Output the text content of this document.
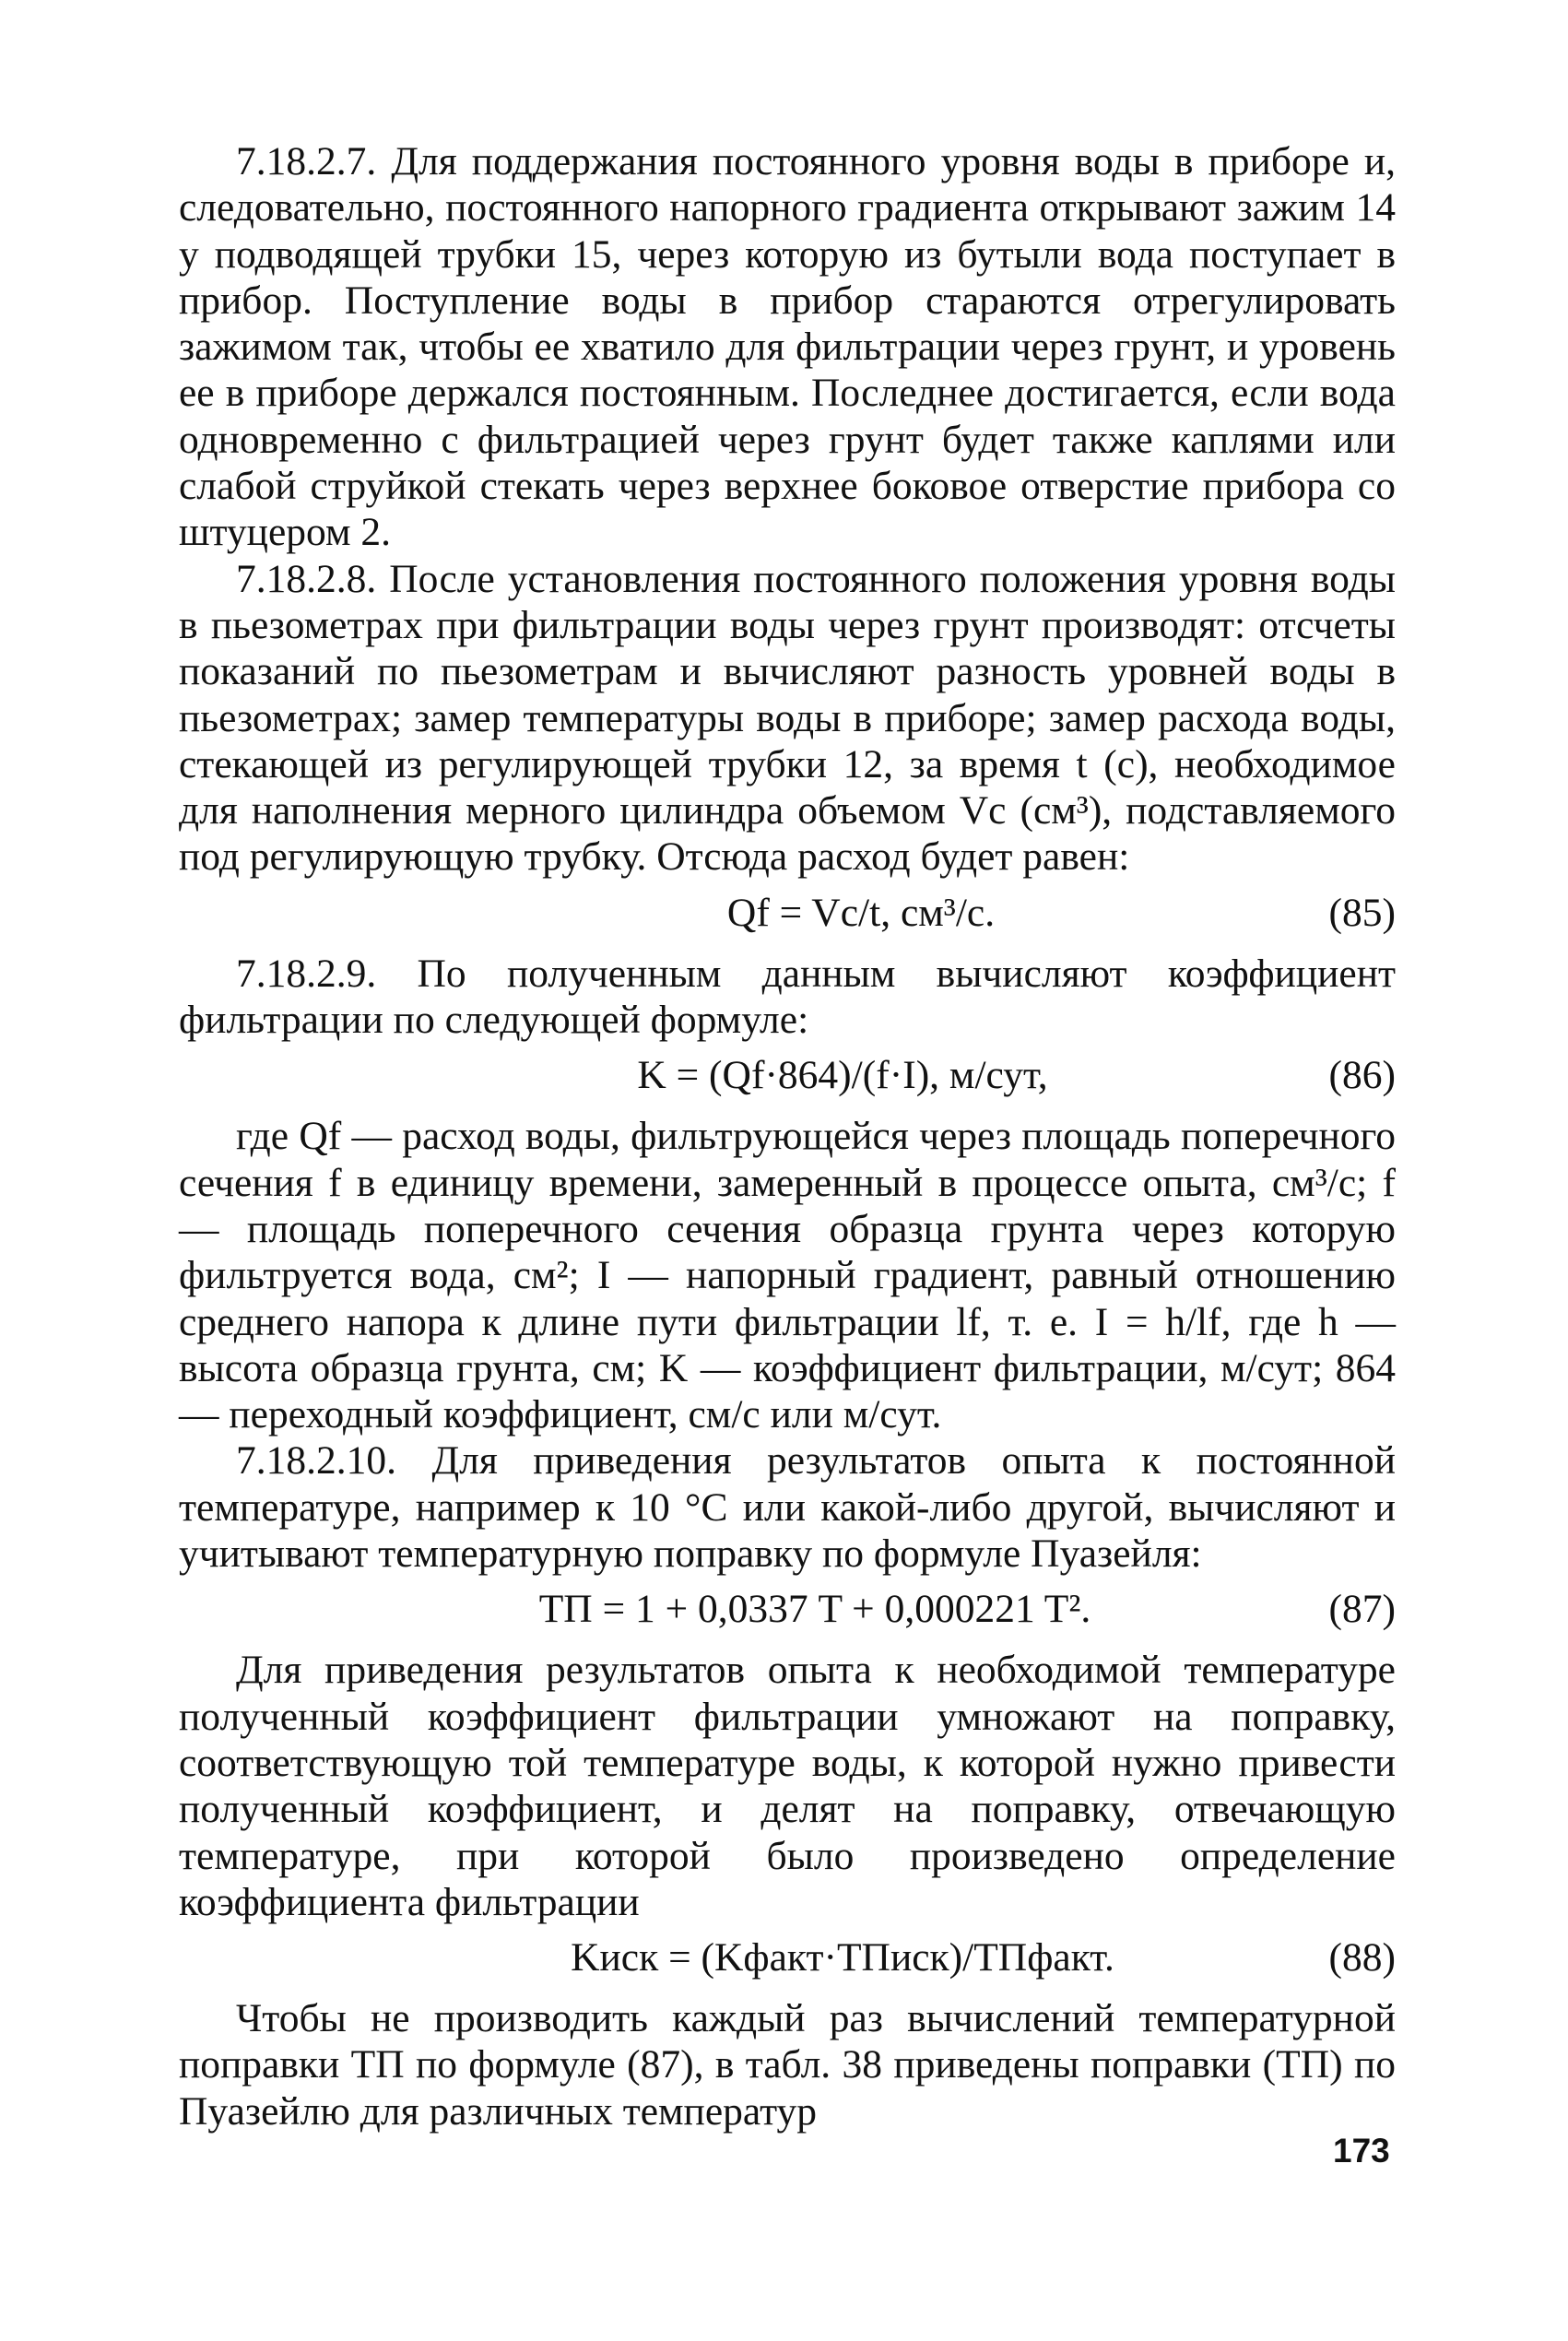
7.18.2.7. Для поддержания постоянного уровня воды в приборе и, следовательно, постоянного напорного градиента открывают зажим 14 у подводящей трубки 15, через которую из бутыли вода поступает в прибор. Поступление воды в прибор стараются отрегулировать зажимом так, чтобы ее хватило для фильтрации через грунт, и уровень ее в приборе держался постоянным. Последнее достигается, если вода одновременно с фильтрацией через грунт будет также каплями или слабой струйкой стекать через верхнее боковое отверстие прибора со штуцером 2.

7.18.2.8. После установления постоянного положения уровня воды в пьезометрах при фильтрации воды через грунт производят: отсчеты показаний по пьезометрам и вычисляют разность уровней воды в пьезометрах; замер температуры воды в приборе; замер расхода воды, стекающей из регулирующей трубки 12, за время t (с), необходимое для наполнения мерного цилиндра объемом Vc (см³), подставляемого под регулирующую трубку. Отсюда расход будет равен:

Qf = Vc/t, см³/с.	(85)

7.18.2.9. По полученным данным вычисляют коэффициент фильтрации по следующей формуле:

K = (Qf·864)/(f·I), м/сут,	(86)

где Qf — расход воды, фильтрующейся через площадь поперечного сечения f в единицу времени, замеренный в процессе опыта, см³/с; f — площадь поперечного сечения образца грунта через которую фильтруется вода, см²; I — напорный градиент, равный отношению среднего напора к длине пути фильтрации lf, т. е. I = h/lf, где h — высота образца грунта, см; K — коэффициент фильтрации, м/сут; 864 — переходный коэффициент, см/с или м/сут.

7.18.2.10. Для приведения результатов опыта к постоянной температуре, например к 10 °С или какой-либо другой, вычисляют и учитывают температурную поправку по формуле Пуазейля:

ТП = 1 + 0,0337 T + 0,000221 T².	(87)

Для приведения результатов опыта к необходимой температуре полученный коэффициент фильтрации умножают на поправку, соответствующую той температуре воды, к которой нужно привести полученный коэффициент, и делят на поправку, отвечающую температуре, при которой было произведено определение коэффициента фильтрации

Kиск = (Kфакт·ТПиск)/ТПфакт.	(88)

Чтобы не производить каждый раз вычислений температурной поправки ТП по формуле (87), в табл. 38 приведены поправки (ТП) по Пуазейлю для различных температур

173
